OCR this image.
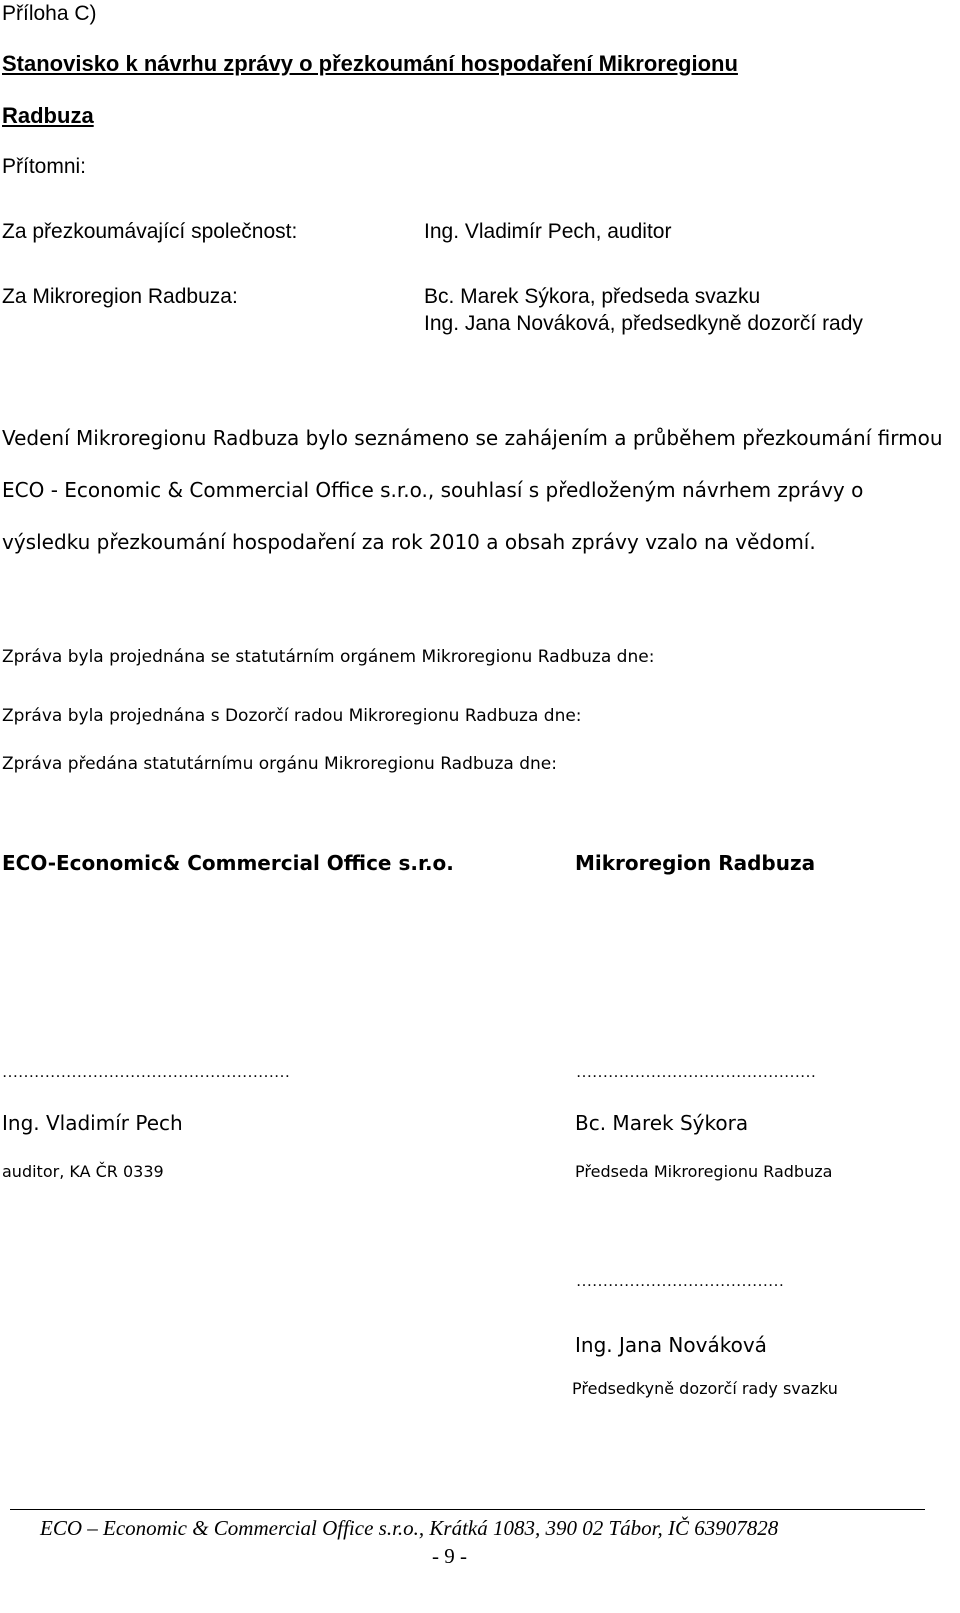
Příloha C)
Stanovisko k návrhu zprávy o přezkoumání hospodaření Mikroregionu
Radbuza
Přítomni:
Za přezkoumávající společnost:	Ing. Vladimír Pech, auditor
Za Mikroregion Radbuza:	Bc. Marek Sýkora, předseda svazku
Ing. Jana Nováková, předsedkyně dozorčí rady
Vedení Mikroregionu Radbuza bylo seznámeno se zahájením a průběhem přezkoumání firmou ECO - Economic & Commercial Office s.r.o., souhlasí s předloženým návrhem zprávy o výsledku přezkoumání hospodaření za rok 2010 a obsah zprávy vzalo na vědomí.
Zpráva byla projednána se statutárním orgánem Mikroregionu Radbuza dne:
Zpráva byla projednána s Dozorčí radou Mikroregionu Radbuza dne:
Zpráva předána statutárnímu orgánu Mikroregionu Radbuza dne:
ECO-Economic& Commercial Office s.r.o.	Mikroregion Radbuza
………………………………………………	………………………………………
Ing. Vladimír Pech	Bc. Marek Sýkora
auditor, KA ČR 0339	Předseda Mikroregionu Radbuza
…………………………………
Ing. Jana Nováková
Předsedkyně dozorčí rady svazku
ECO – Economic & Commercial Office s.r.o., Krátká 1083, 390 02 Tábor, IČ 63907828
- 9 -
